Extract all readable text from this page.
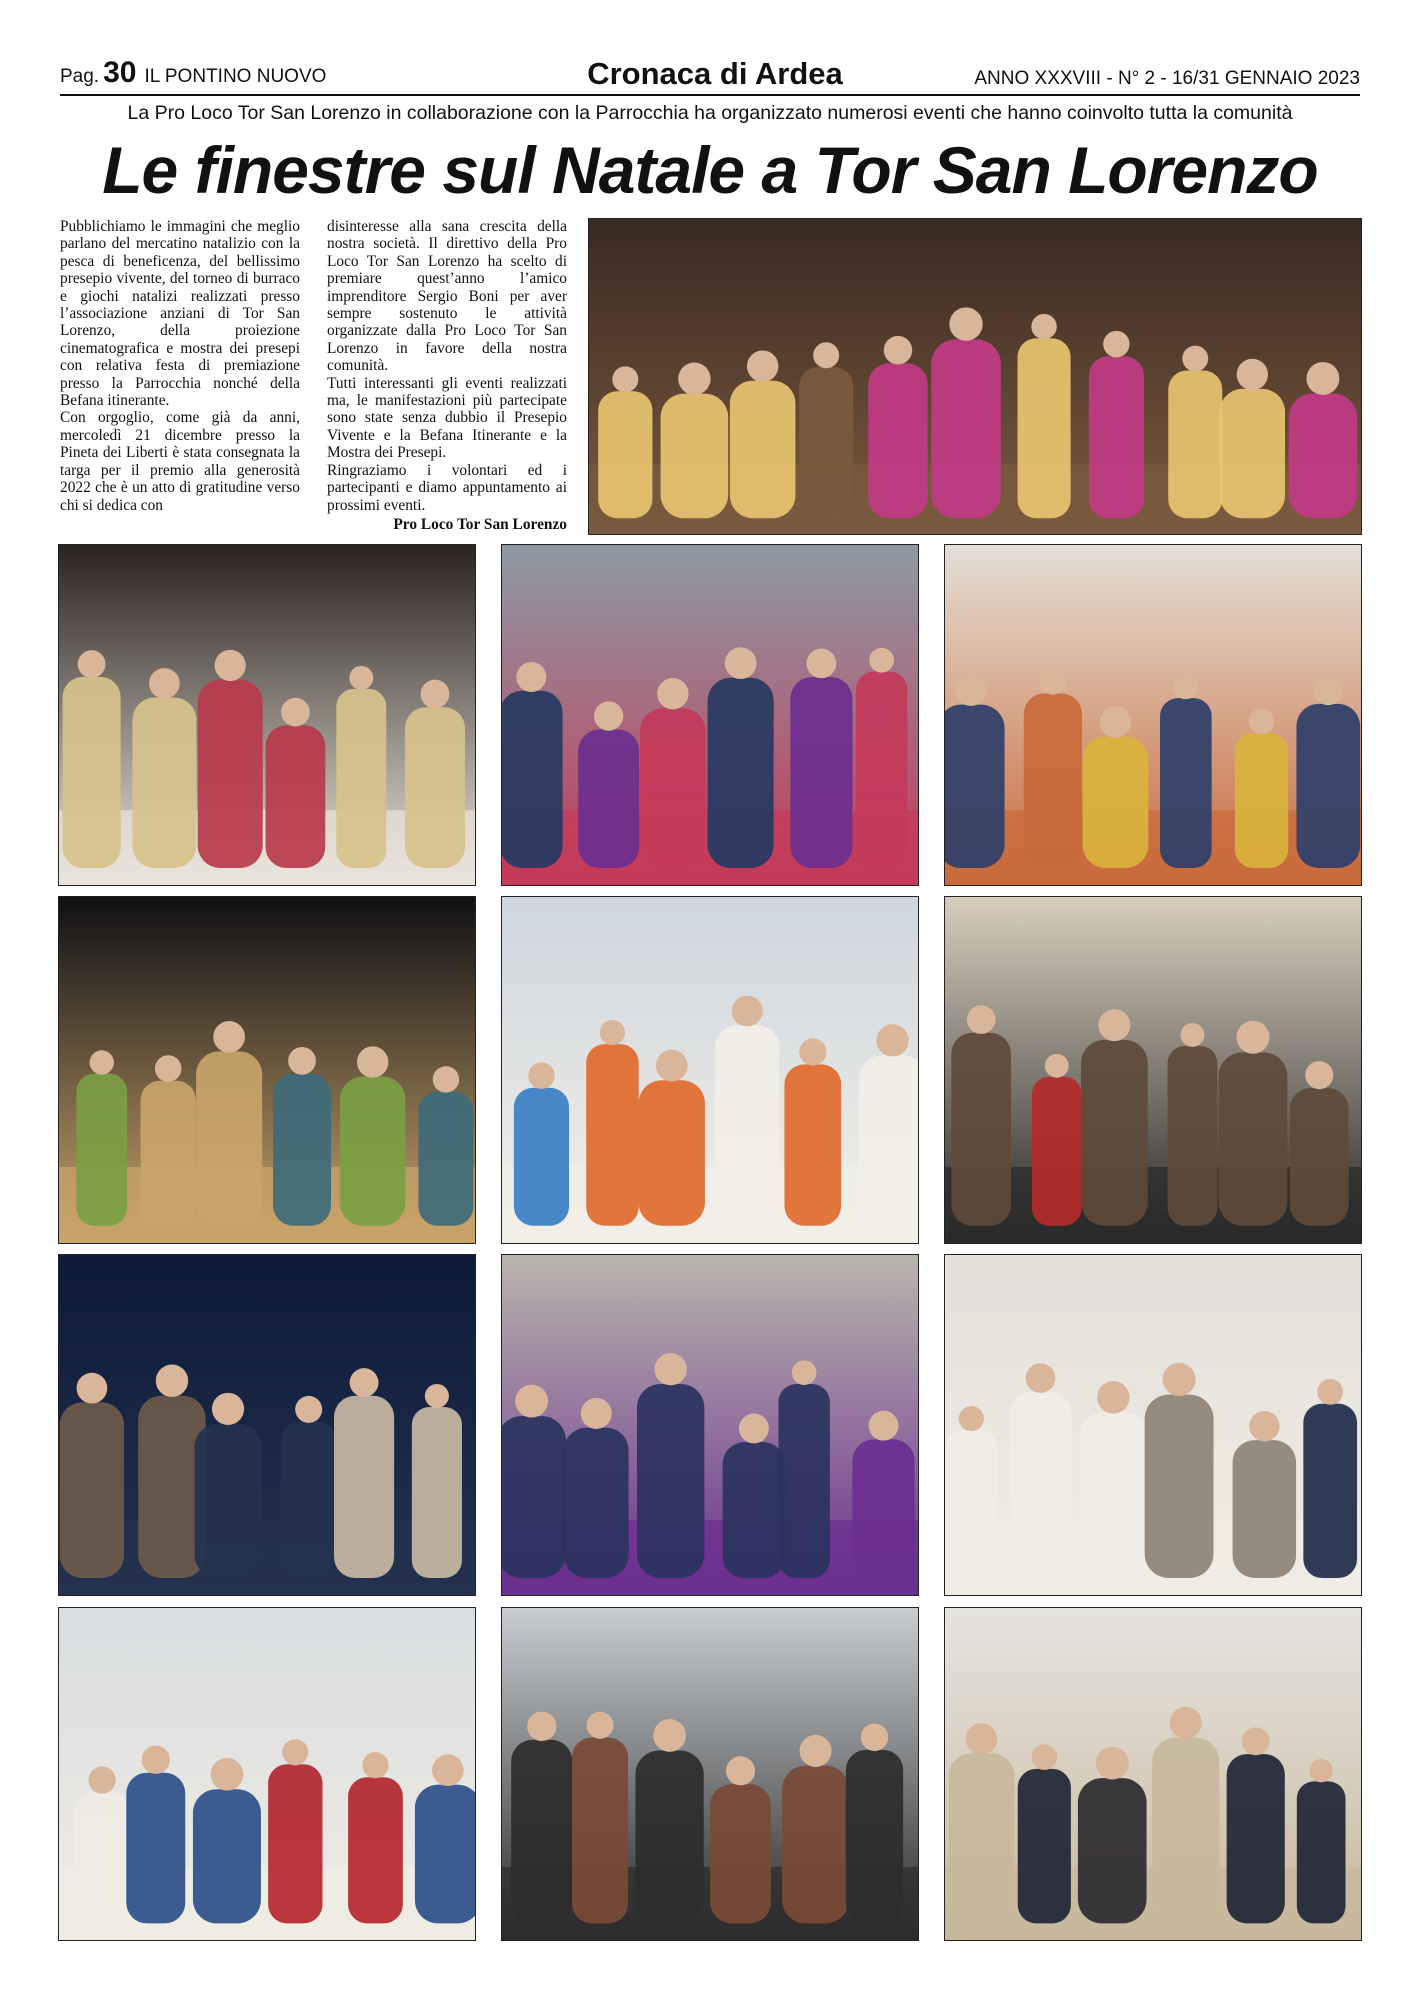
Pag. 30 IL PONTINO NUOVO	Cronaca di Ardea	ANNO XXXVIII - N° 2 - 16/31 GENNAIO 2023
La Pro Loco Tor San Lorenzo in collaborazione con la Parrocchia ha organizzato numerosi eventi che hanno coinvolto tutta la comunità
Le finestre sul Natale a Tor San Lorenzo

Pubblichiamo le immagini che meglio parlano del mercatino natalizio con la pesca di beneficenza, del bellissimo presepio vivente, del torneo di burraco e giochi natalizi realizzati presso l’associazione anziani di Tor San Lorenzo, della proiezione cinematografica e mostra dei presepi con relativa festa di premiazione presso la Parrocchia nonché della Befana itinerante.

Con orgoglio, come già da anni, mercoledì 21 dicembre presso la Pineta dei Liberti è stata consegnata la targa per il premio alla generosità 2022 che è un atto di gratitudine verso chi si dedica con

disinteresse alla sana crescita della nostra società. Il direttivo della Pro Loco Tor San Lorenzo ha scelto di premiare quest’anno l’amico imprenditore Sergio Boni per aver sempre sostenuto le attività organizzate dalla Pro Loco Tor San Lorenzo in favore della nostra comunità.

Tutti interessanti gli eventi realizzati ma, le manifestazioni più partecipate sono state senza dubbio il Presepio Vivente e la Befana Itinerante e la Mostra dei Presepi.

Ringraziamo i volontari ed i partecipanti e diamo appuntamento ai prossimi eventi.

Pro Loco Tor San Lorenzo
